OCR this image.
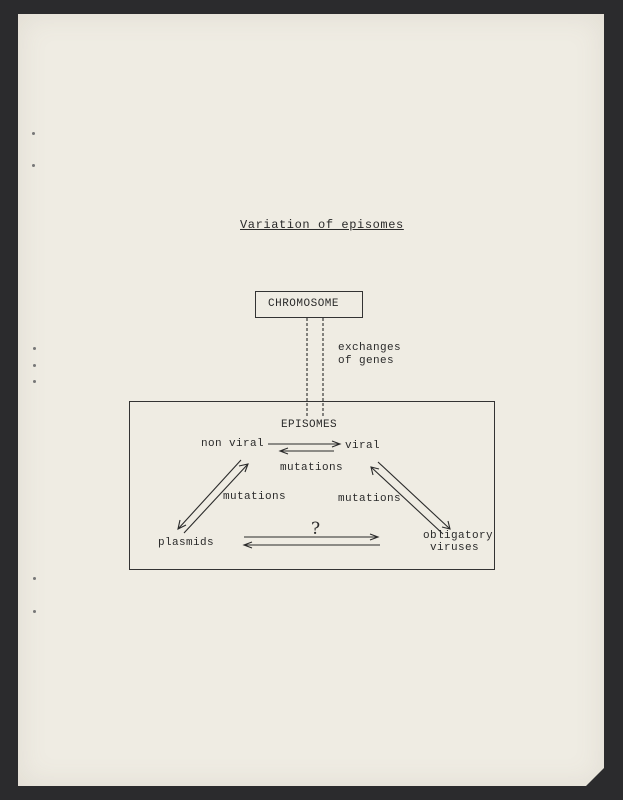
Variation of episomes
CHROMOSOME
exchanges
of genes
EPISOMES
non viral	viral
mutations
mutations	mutations
plasmids
obligatory
viruses
?
